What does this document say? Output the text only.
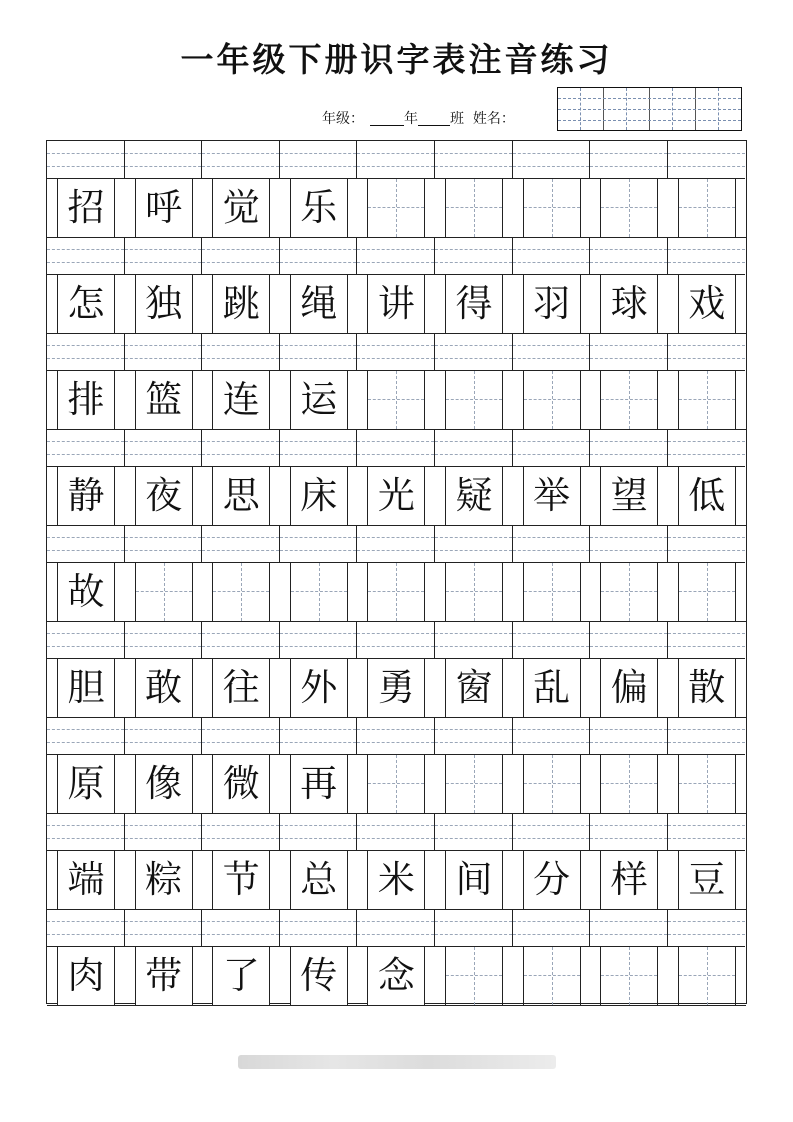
一年级下册识字表注音练习
年级：	年 班 姓名：
招 呼 觉 乐
怎 独 跳 绳 讲 得 羽 球 戏
排 篮 连 运
静 夜 思 床 光 疑 举 望 低
故
胆 敢 往 外 勇 窗 乱 偏 散
原 像 微 再
端 粽 节 总 米 间 分 样 豆
肉 带 了 传 念
